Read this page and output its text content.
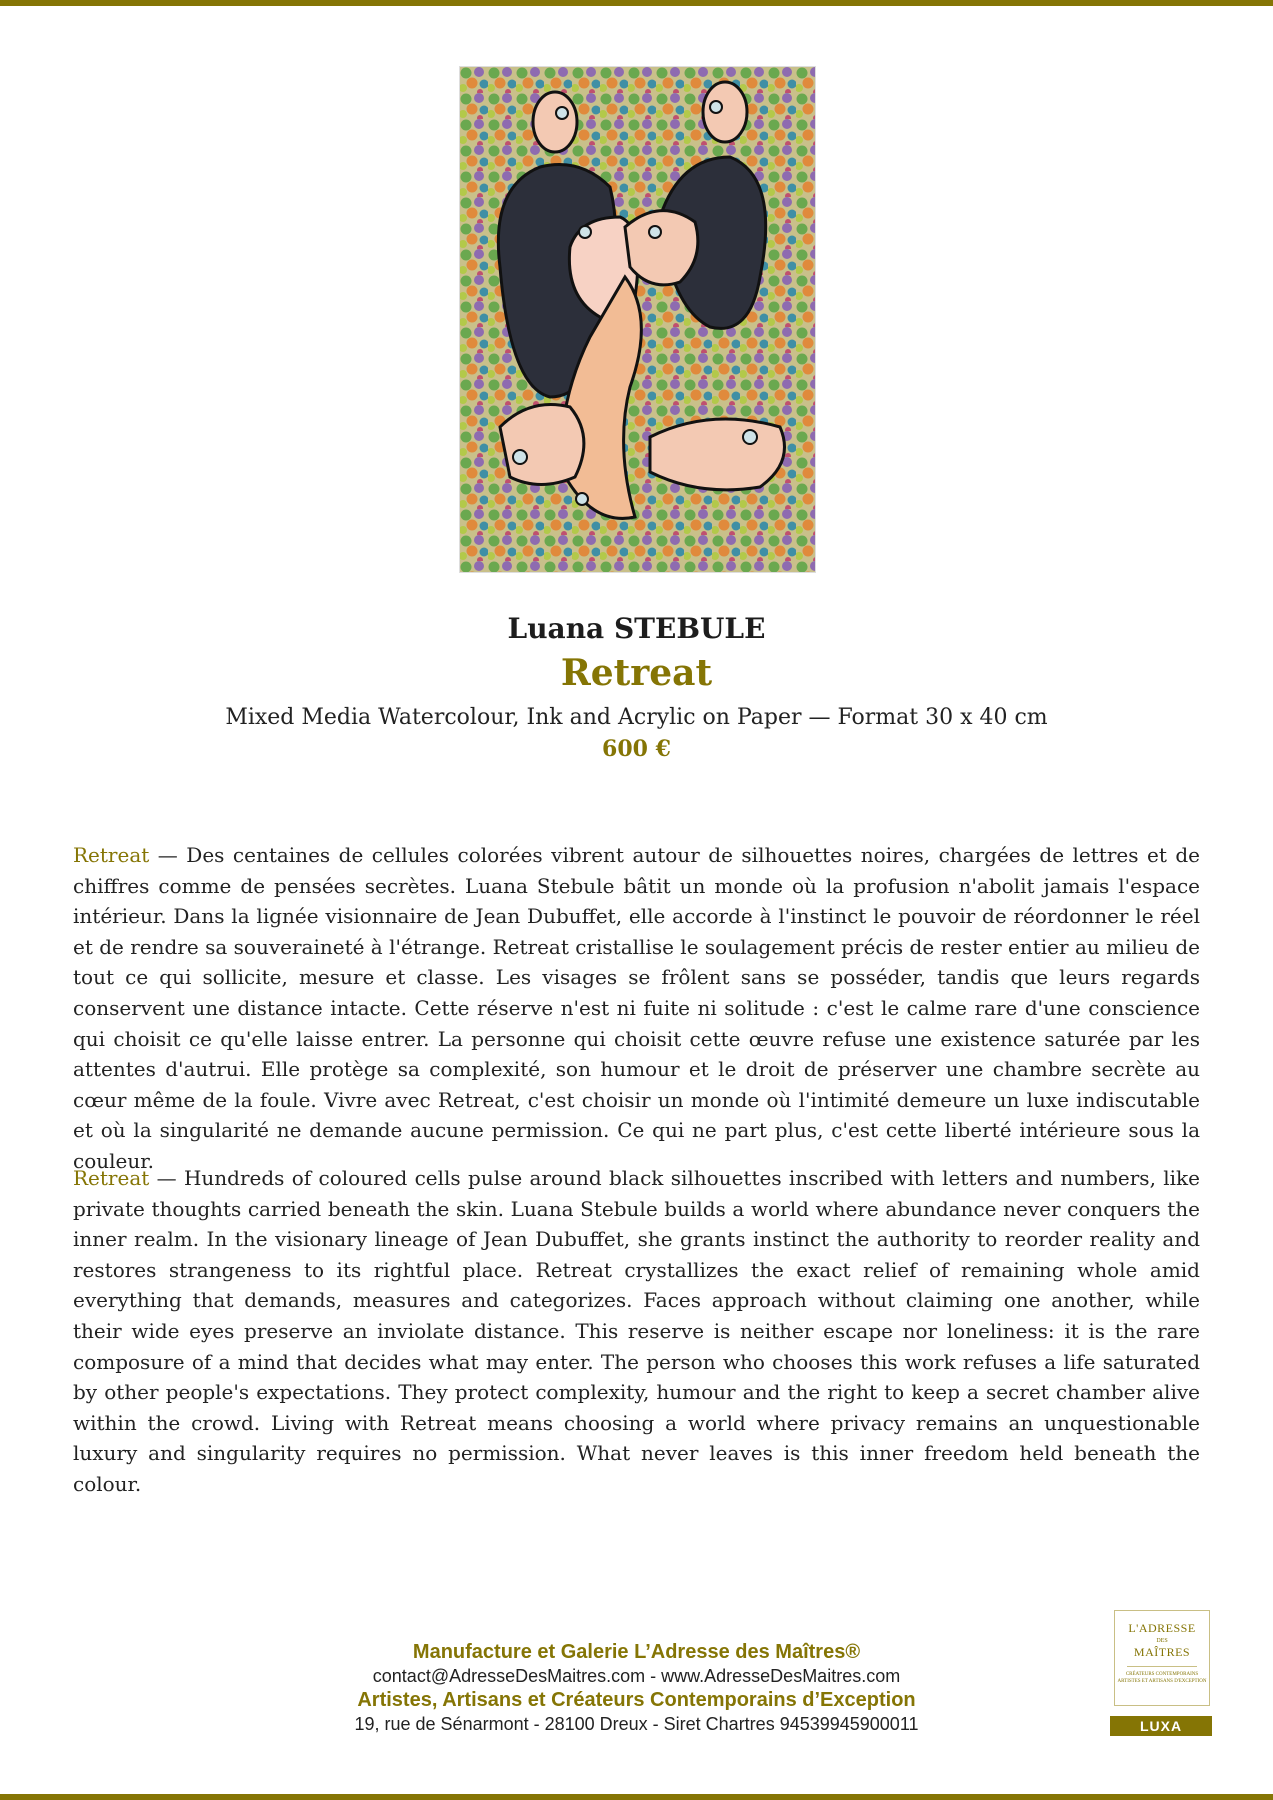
Luana STEBULE
Retreat
Mixed Media Watercolour, Ink and Acrylic on Paper — Format 30 x 40 cm
600 €

Retreat — Des centaines de cellules colorées vibrent autour de silhouettes noires, chargées de lettres et de chiffres comme de pensées secrètes. Luana Stebule bâtit un monde où la profusion n'abolit jamais l'espace intérieur. Dans la lignée visionnaire de Jean Dubuffet, elle accorde à l'instinct le pouvoir de réordonner le réel et de rendre sa souveraineté à l'étrange. Retreat cristallise le soulagement précis de rester entier au milieu de tout ce qui sollicite, mesure et classe. Les visages se frôlent sans se posséder, tandis que leurs regards conservent une distance intacte. Cette réserve n'est ni fuite ni solitude : c'est le calme rare d'une conscience qui choisit ce qu'elle laisse entrer. La personne qui choisit cette œuvre refuse une existence saturée par les attentes d'autrui. Elle protège sa complexité, son humour et le droit de préserver une chambre secrète au cœur même de la foule. Vivre avec Retreat, c'est choisir un monde où l'intimité demeure un luxe indiscutable et où la singularité ne demande aucune permission. Ce qui ne part plus, c'est cette liberté intérieure sous la couleur.

Retreat — Hundreds of coloured cells pulse around black silhouettes inscribed with letters and numbers, like private thoughts carried beneath the skin. Luana Stebule builds a world where abundance never conquers the inner realm. In the visionary lineage of Jean Dubuffet, she grants instinct the authority to reorder reality and restores strangeness to its rightful place. Retreat crystallizes the exact relief of remaining whole amid everything that demands, measures and categorizes. Faces approach without claiming one another, while their wide eyes preserve an inviolate distance. This reserve is neither escape nor loneliness: it is the rare composure of a mind that decides what may enter. The person who chooses this work refuses a life saturated by other people's expectations. They protect complexity, humour and the right to keep a secret chamber alive within the crowd. Living with Retreat means choosing a world where privacy remains an unquestionable luxury and singularity requires no permission. What never leaves is this inner freedom held beneath the colour.

Manufacture et Galerie L’Adresse des Maîtres®
contact@AdresseDesMaitres.com - www.AdresseDesMaitres.com
Artistes, Artisans et Créateurs Contemporains d’Exception
19, rue de Sénarmont - 28100 Dreux - Siret Chartres 94539945900011
L'ADRESSE
DES
MAÎTRES
CRÉATEURS CONTEMPORAINS ARTISTES ET ARTISANS D'EXCEPTION
LUXA
